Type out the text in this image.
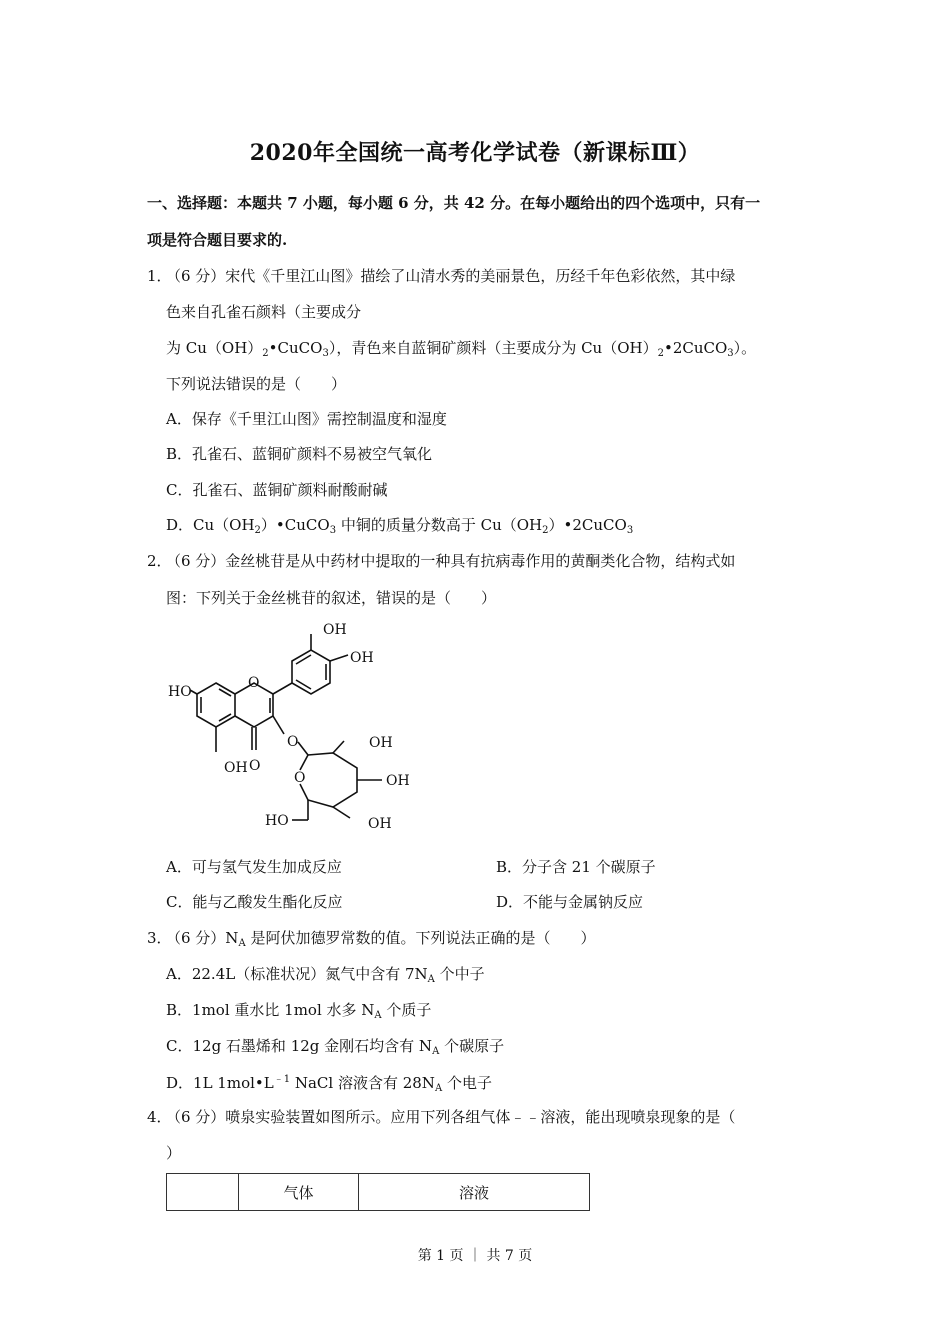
2020年全国统一高考化学试卷（新课标Ⅲ）
一、选择题：本题共 7 小题，每小题 6 分，共 42 分。在每小题给出的四个选项中，只有一
项是符合题目要求的.
1．
（6 分）宋代《千里江山图》描绘了山清水秀的美丽景色，历经千年色彩依然，其中绿
色来自孔雀石颜料（主要成分
为 $Cu(OH)_2•CuCO_3$），青色来自蓝铜矿颜料（主要成分为 $Cu(OH)_2•2CuCO_3$）。
下列说法错误的是（　　）
A．保存《千里江山图》需控制温度和湿度
B．孔雀石、蓝铜矿颜料不易被空气氧化
C．孔雀石、蓝铜矿颜料耐酸耐碱
D．$Cu(OH_2)•CuCO_3$ 中铜的质量分数高于 $Cu(OH_2)•2CuCO_3$
2．
（6 分）金丝桃苷是从中药材中提取的一种具有抗病毒作用的黄酮类化合物，结构式如
图：下列关于金丝桃苷的叙述，错误的是（　　）
OH
OH
HO
O
O
OH
O	OH
O	OH
HO	OH
A．可与氢气发生加成反应	B．分子含 21 个碳原子
C．能与乙酸发生酯化反应	D．不能与金属钠反应
3．
（6 分）$N_A$ 是阿伏加德罗常数的值。下列说法正确的是（　　）
A．22.4L（标准状况）氮气中含有 $7N_A$ 个中子
B．1mol 重水比 1mol 水多 $N_A$ 个质子
C．12g 石墨烯和 12g 金刚石均含有 $N_A$ 个碳原子
D．1L $1mol•L^{﹣1}$ NaCl 溶液含有 $28N_A$ 个电子
4．
（6 分）喷泉实验装置如图所示。应用下列各组气体﹣﹣溶液，能出现喷泉现象的是（
）
	气体	溶液
第 1 页 ｜ 共 7 页
